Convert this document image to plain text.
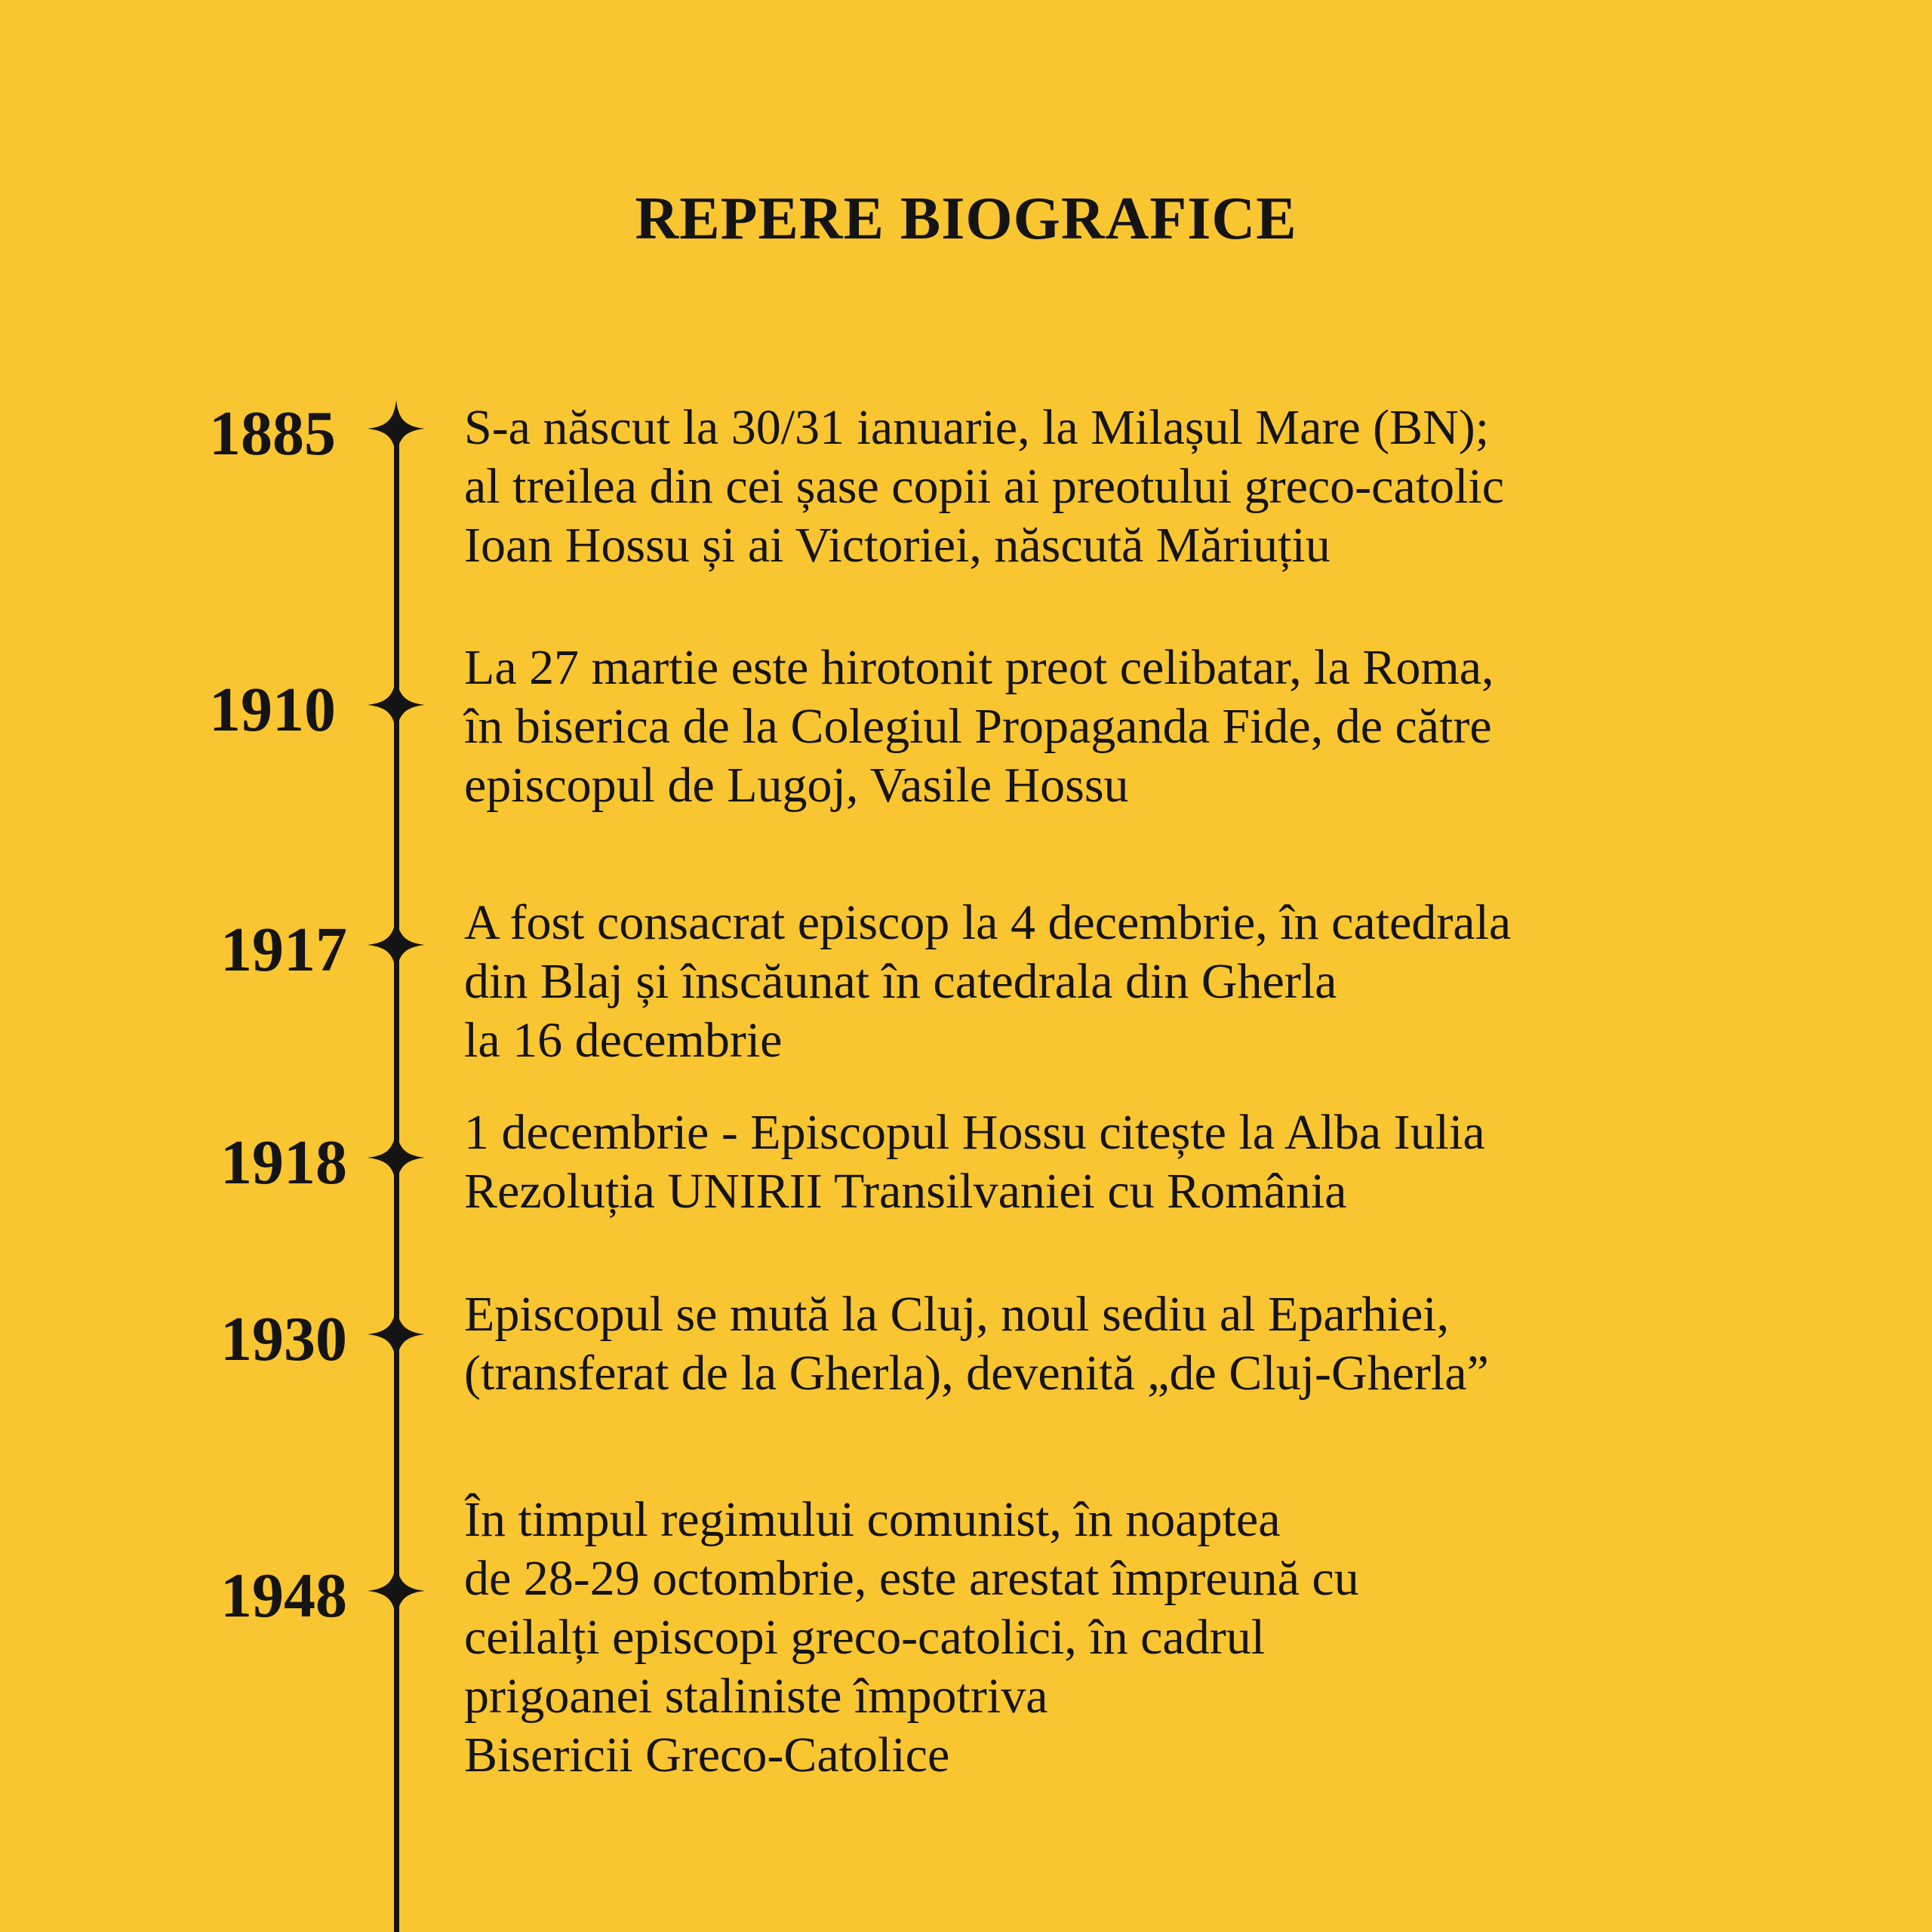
REPERE BIOGRAFICE
1885	S-a născut la 30/31 ianuarie, la Milașul Mare (BN);
al treilea din cei șase copii ai preotului greco-catolic
Ioan Hossu și ai Victoriei, născută Măriuțiu
1910
La 27 martie este hirotonit preot celibatar, la Roma,
în biserica de la Colegiul Propaganda Fide, de către
episcopul de Lugoj, Vasile Hossu
1917 A fost consacrat episcop la 4 decembrie, în catedrala
din Blaj și înscăunat în catedrala din Gherla
la 16 decembrie
1918 1 decembrie - Episcopul Hossu citește la Alba Iulia
Rezoluția UNIRII Transilvaniei cu România
1930 Episcopul se mută la Cluj, noul sediu al Eparhiei,
(transferat de la Gherla), devenită „de Cluj-Gherla”
1948
În timpul regimului comunist, în noaptea
de 28-29 octombrie, este arestat împreună cu
ceilalți episcopi greco-catolici, în cadrul
prigoanei staliniste împotriva
Bisericii Greco-Catolice
